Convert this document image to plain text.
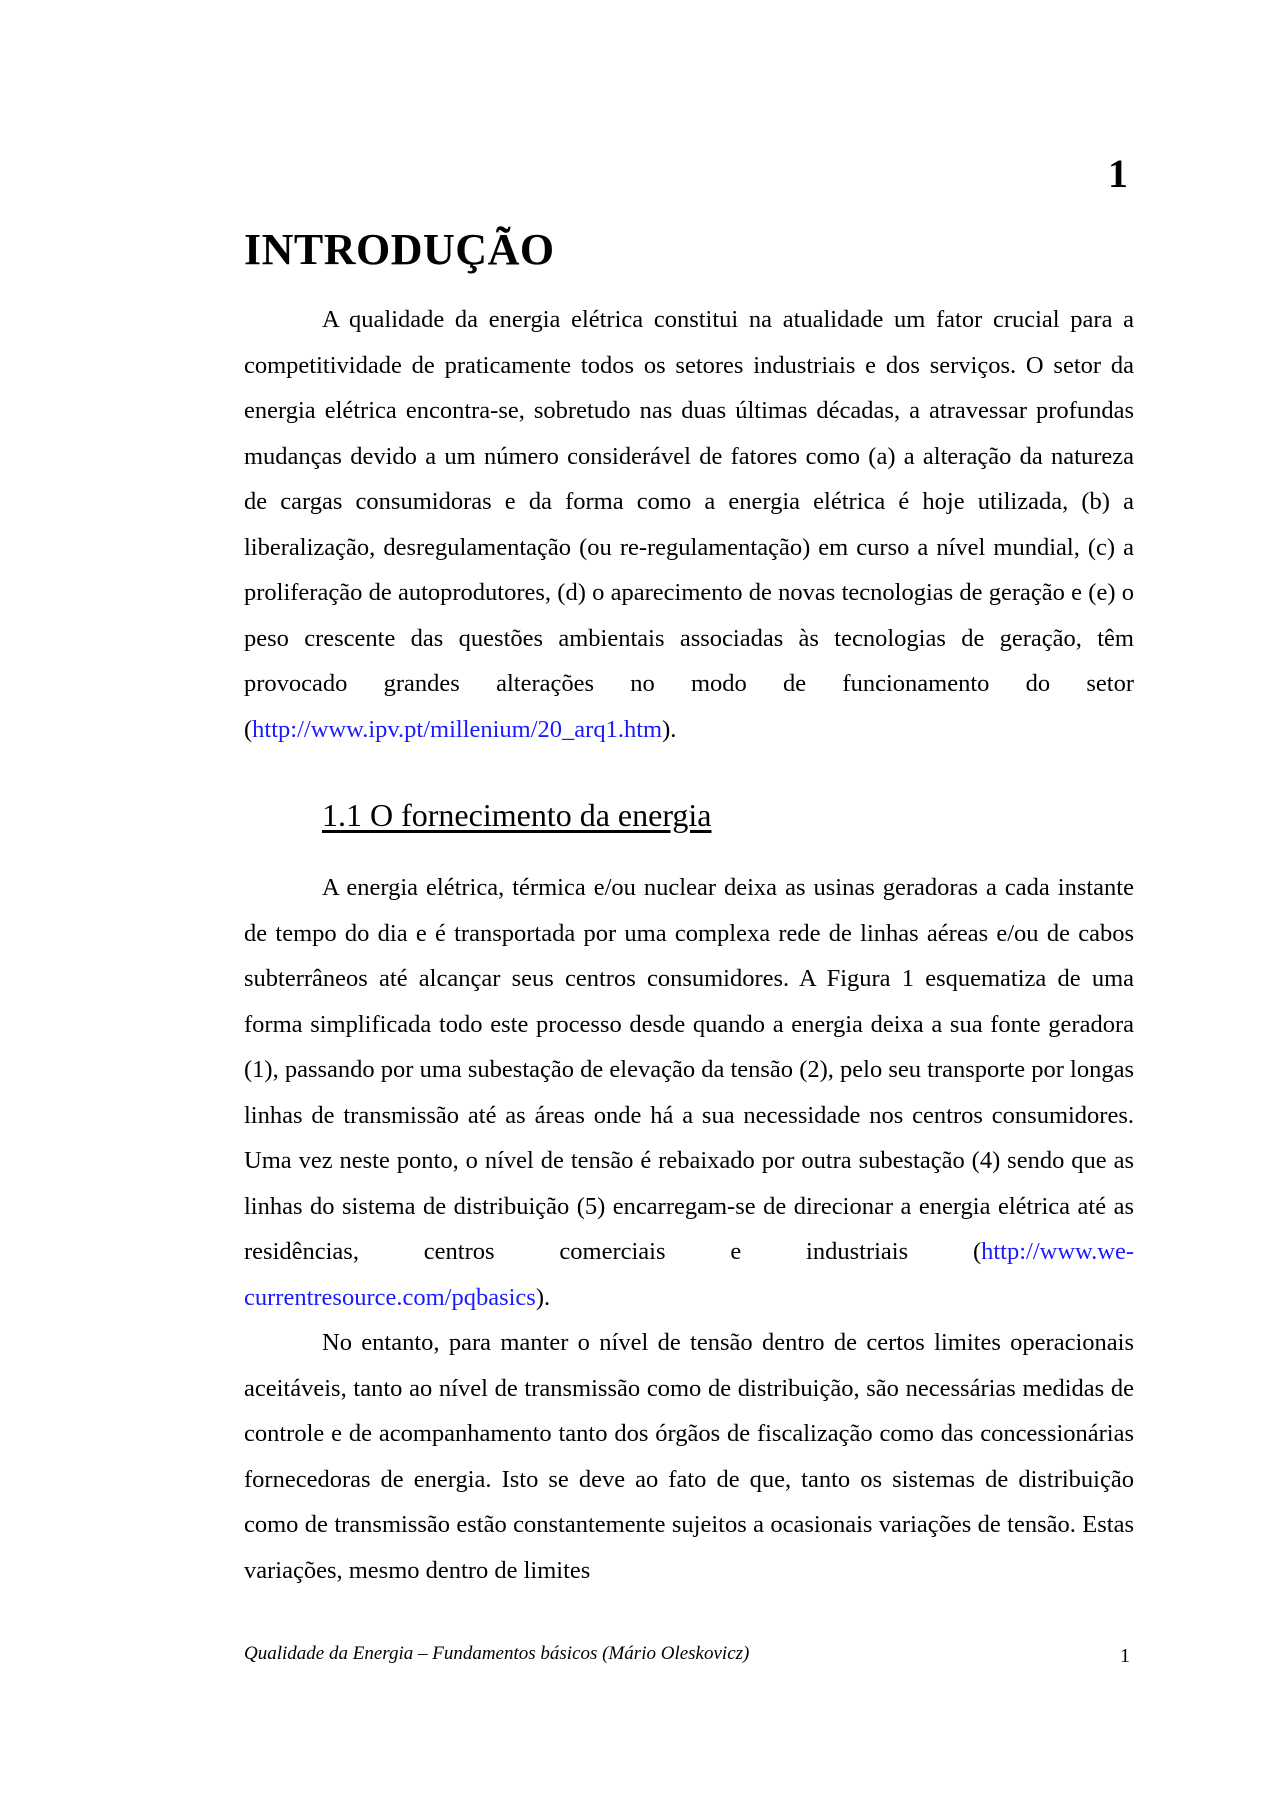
1
INTRODUÇÃO

A qualidade da energia elétrica constitui na atualidade um fator crucial para a competitividade de praticamente todos os setores industriais e dos serviços. O setor da energia elétrica encontra-se, sobretudo nas duas últimas décadas, a atravessar profundas mudanças devido a um número considerável de fatores como (a) a alteração da natureza de cargas consumidoras e da forma como a energia elétrica é hoje utilizada, (b) a liberalização, desregulamentação (ou re-regulamentação) em curso a nível mundial, (c) a proliferação de autoprodutores, (d) o aparecimento de novas tecnologias de geração e (e) o peso crescente das questões ambientais associadas às tecnologias de geração, têm provocado grandes alterações no modo de funcionamento do setor (http://www.ipv.pt/millenium/20_arq1.htm).

1.1 O fornecimento da energia

A energia elétrica, térmica e/ou nuclear deixa as usinas geradoras a cada instante de tempo do dia e é transportada por uma complexa rede de linhas aéreas e/ou de cabos subterrâneos até alcançar seus centros consumidores. A Figura 1 esquematiza de uma forma simplificada todo este processo desde quando a energia deixa a sua fonte geradora (1), passando por uma subestação de elevação da tensão (2), pelo seu transporte por longas linhas de transmissão até as áreas onde há a sua necessidade nos centros consumidores. Uma vez neste ponto, o nível de tensão é rebaixado por outra subestação (4) sendo que as linhas do sistema de distribuição (5) encarregam-se de direcionar a energia elétrica até as residências, centros comerciais e industriais (http://www.we-currentresource.com/pqbasics).

No entanto, para manter o nível de tensão dentro de certos limites operacionais aceitáveis, tanto ao nível de transmissão como de distribuição, são necessárias medidas de controle e de acompanhamento tanto dos órgãos de fiscalização como das concessionárias fornecedoras de energia. Isto se deve ao fato de que, tanto os sistemas de distribuição como de transmissão estão constantemente sujeitos a ocasionais variações de tensão. Estas variações, mesmo dentro de limites

Qualidade da Energia – Fundamentos básicos (Mário Oleskovicz)	1
